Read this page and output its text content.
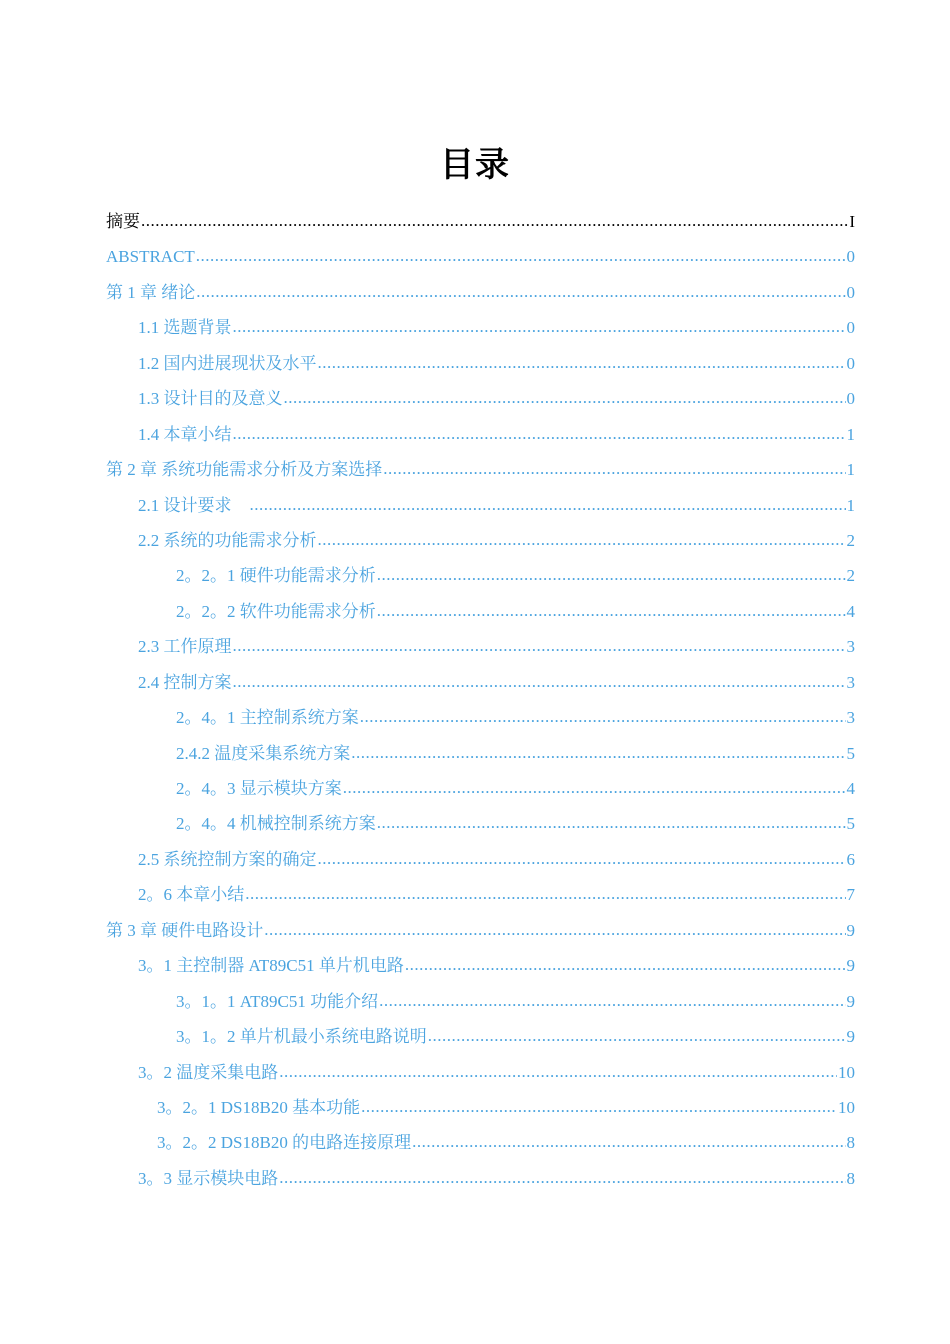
目录
摘要 .....	I
ABSTRACT .....	0
第 1 章 绪论 .....	0
1.1 选题背景 .....	0
1.2 国内进展现状及水平 .....	0
1.3 设计目的及意义 .....	0
1.4 本章小结 .....	1
第 2 章 系统功能需求分析及方案选择 .....	1
2.1 设计要求 .....	1
2.2 系统的功能需求分析 .....	2
2。2。1 硬件功能需求分析 .....	2
2。2。2 软件功能需求分析 .....	4
2.3 工作原理 .....	3
2.4 控制方案 .....	3
2。4。1 主控制系统方案 .....	3
2.4.2 温度采集系统方案 .....	5
2。4。3 显示模块方案 .....	4
2。4。4 机械控制系统方案 .....	5
2.5 系统控制方案的确定 .....	6
2。6 本章小结 .....	7
第 3 章 硬件电路设计 .....	9
3。1 主控制器 AT89C51 单片机电路 .....	9
3。1。1 AT89C51 功能介绍 .....	9
3。1。2 单片机最小系统电路说明 .....	9
3。2 温度采集电路 .....	10
3。2。1 DS18B20 基本功能 .....	10
3。2。2 DS18B20 的电路连接原理 .....	8
3。3 显示模块电路 .....	8
